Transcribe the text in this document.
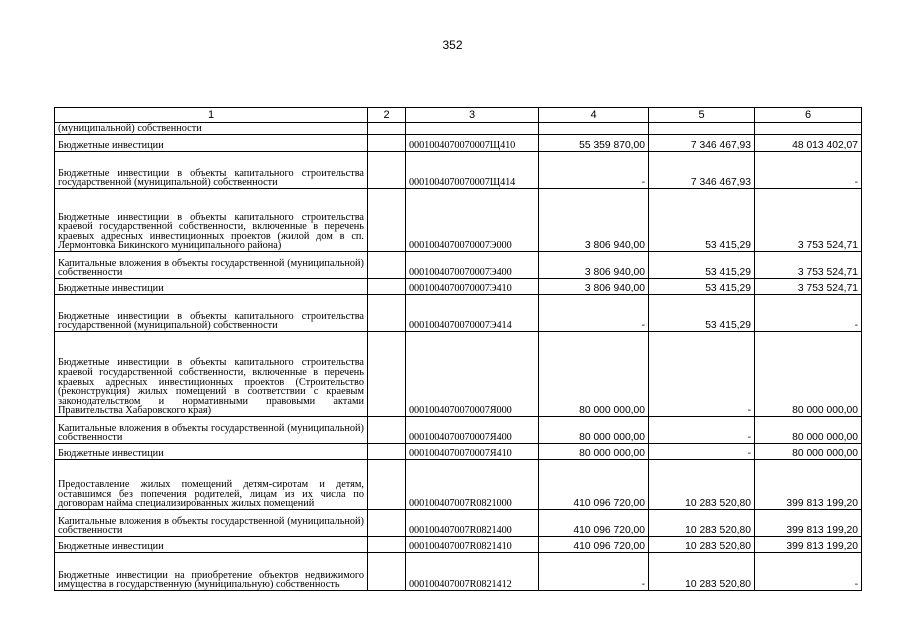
352
1	2	3	4	5	6
(муниципальной) собственности					
Бюджетные инвестиции		0001004070070007Щ410	55 359 870,00	7 346 467,93	48 013 402,07
Бюджетные инвестиции в объекты капитального строительства государственной (муниципальной) собственности		0001004070070007Щ414	-	7 346 467,93	-
Бюджетные инвестиции в объекты капитального строительства краевой государственной собственности, включенные в перечень краевых адресных инвестиционных проектов (жилой дом в сп. Лермонтовка Бикинского муниципального района)		0001004070070007Э000	3 806 940,00	53 415,29	3 753 524,71
Капитальные вложения в объекты государственной (муниципальной) собственности		0001004070070007Э400	3 806 940,00	53 415,29	3 753 524,71
Бюджетные инвестиции		0001004070070007Э410	3 806 940,00	53 415,29	3 753 524,71
Бюджетные инвестиции в объекты капитального строительства государственной (муниципальной) собственности		0001004070070007Э414	-	53 415,29	-
Бюджетные инвестиции в объекты капитального строительства краевой государственной собственности, включенные в перечень краевых адресных инвестиционных проектов (Строительство (реконструкция) жилых помещений в соответствии с краевым законодательством и нормативными правовыми актами Правительства Хабаровского края)		0001004070070007Я000	80 000 000,00	-	80 000 000,00
Капитальные вложения в объекты государственной (муниципальной) собственности		0001004070070007Я400	80 000 000,00	-	80 000 000,00
Бюджетные инвестиции		0001004070070007Я410	80 000 000,00	-	80 000 000,00
Предоставление жилых помещений детям-сиротам и детям, оставшимся без попечения родителей, лицам из их числа по договорам найма специализированных жилых помещений		000100407007R0821000	410 096 720,00	10 283 520,80	399 813 199,20
Капитальные вложения в объекты государственной (муниципальной) собственности		000100407007R0821400	410 096 720,00	10 283 520,80	399 813 199,20
Бюджетные инвестиции		000100407007R0821410	410 096 720,00	10 283 520,80	399 813 199,20
Бюджетные инвестиции на приобретение объектов недвижимого имущества в государственную (муниципальную) собственность		000100407007R0821412	-	10 283 520,80	-
